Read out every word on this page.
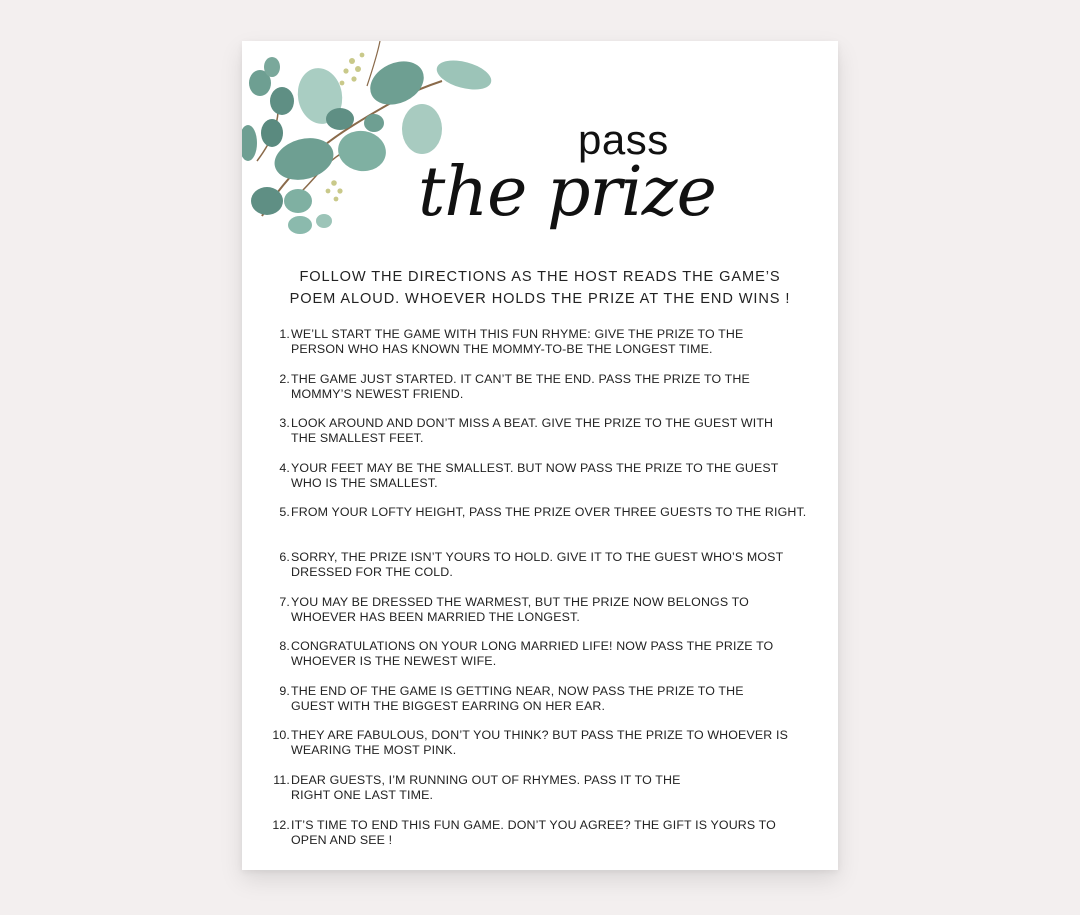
pass
the prize
FOLLOW THE DIRECTIONS AS THE HOST READS THE GAME’S
POEM ALOUD. WHOEVER HOLDS THE PRIZE AT THE END WINS !
1. WE’LL START THE GAME WITH THIS FUN RHYME: GIVE THE PRIZE TO THE
PERSON WHO HAS KNOWN THE MOMMY-TO-BE THE LONGEST TIME.
2. THE GAME JUST STARTED. IT CAN’T BE THE END. PASS THE PRIZE TO THE
MOMMY’S NEWEST FRIEND.
3. LOOK AROUND AND DON’T MISS A BEAT. GIVE THE PRIZE TO THE GUEST WITH
THE SMALLEST FEET.
4. YOUR FEET MAY BE THE SMALLEST. BUT NOW PASS THE PRIZE TO THE GUEST
WHO IS THE SMALLEST.
5. FROM YOUR LOFTY HEIGHT, PASS THE PRIZE OVER THREE GUESTS TO THE RIGHT.
6. SORRY, THE PRIZE ISN’T YOURS TO HOLD. GIVE IT TO THE GUEST WHO’S MOST
DRESSED FOR THE COLD.
7. YOU MAY BE DRESSED THE WARMEST, BUT THE PRIZE NOW BELONGS TO
WHOEVER HAS BEEN MARRIED THE LONGEST.
8. CONGRATULATIONS ON YOUR LONG MARRIED LIFE! NOW PASS THE PRIZE TO
WHOEVER IS THE NEWEST WIFE.
9. THE END OF THE GAME IS GETTING NEAR, NOW PASS THE PRIZE TO THE
GUEST WITH THE BIGGEST EARRING ON HER EAR.
10. THEY ARE FABULOUS, DON’T YOU THINK? BUT PASS THE PRIZE TO WHOEVER IS
WEARING THE MOST PINK.
11. DEAR GUESTS, I’M RUNNING OUT OF RHYMES. PASS IT TO THE
RIGHT ONE LAST TIME.
12. IT’S TIME TO END THIS FUN GAME. DON’T YOU AGREE? THE GIFT IS YOURS TO
OPEN AND SEE !
